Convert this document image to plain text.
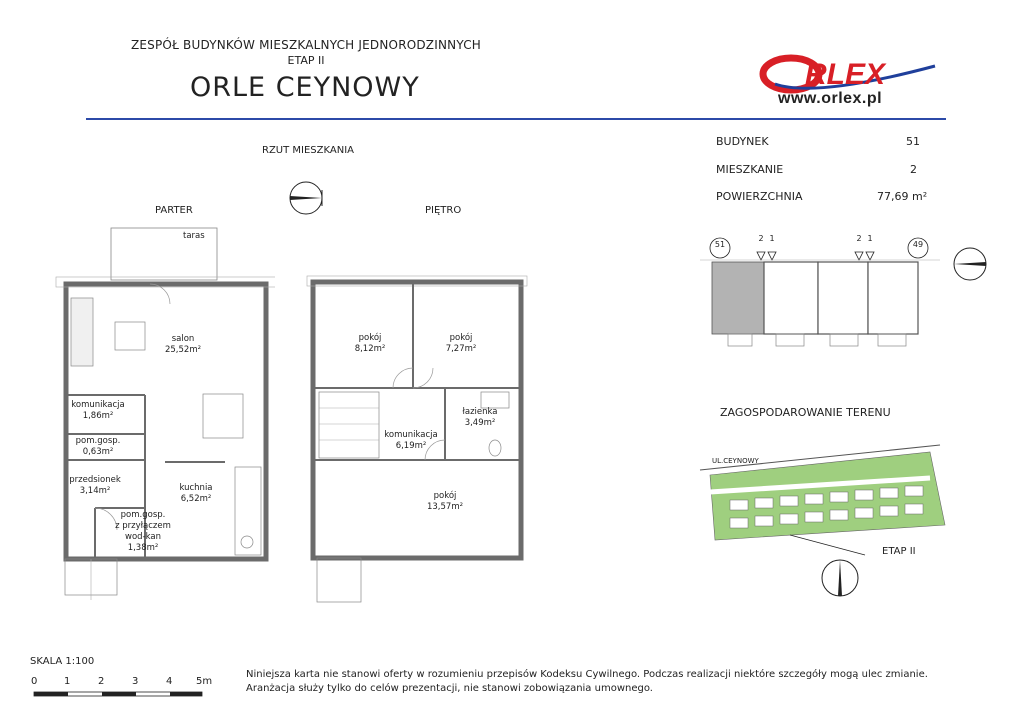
ZESPÓŁ BUDYNKÓW MIESZKALNYCH JEDNORODZINNYCH
ETAP II
ORLE CEYNOWY	RLEX
www.orlex.pl
BUDYNEK	51
MIESZKANIE	2
POWIERZCHNIA	77,69 m²
RZUT MIESZKANIA
PARTER	PIĘTRO
taras
salon
25,52m²
komunikacja
1,86m²
pom.gosp.
0,63m²
przedsionek
3,14m²	kuchnia
6,52m²
pom.gosp.
z przyłączem
wod-kan
1,38m²
pokój
8,12m²
pokój
7,27m²
łazienka
3,49m²
komunikacja
6,19m²
pokój
13,57m²
51	49
2 1	2 1
ZAGOSPODAROWANIE TERENU
UL.CEYNOWY
ETAP II
SKALA 1:100
0	1	2	3	4 5m
Niniejsza karta nie stanowi oferty w rozumieniu przepisów Kodeksu Cywilnego. Podczas realizacji niektóre szczegóły mogą ulec zmianie.
Aranżacja służy tylko do celów prezentacji, nie stanowi zobowiązania umownego.
